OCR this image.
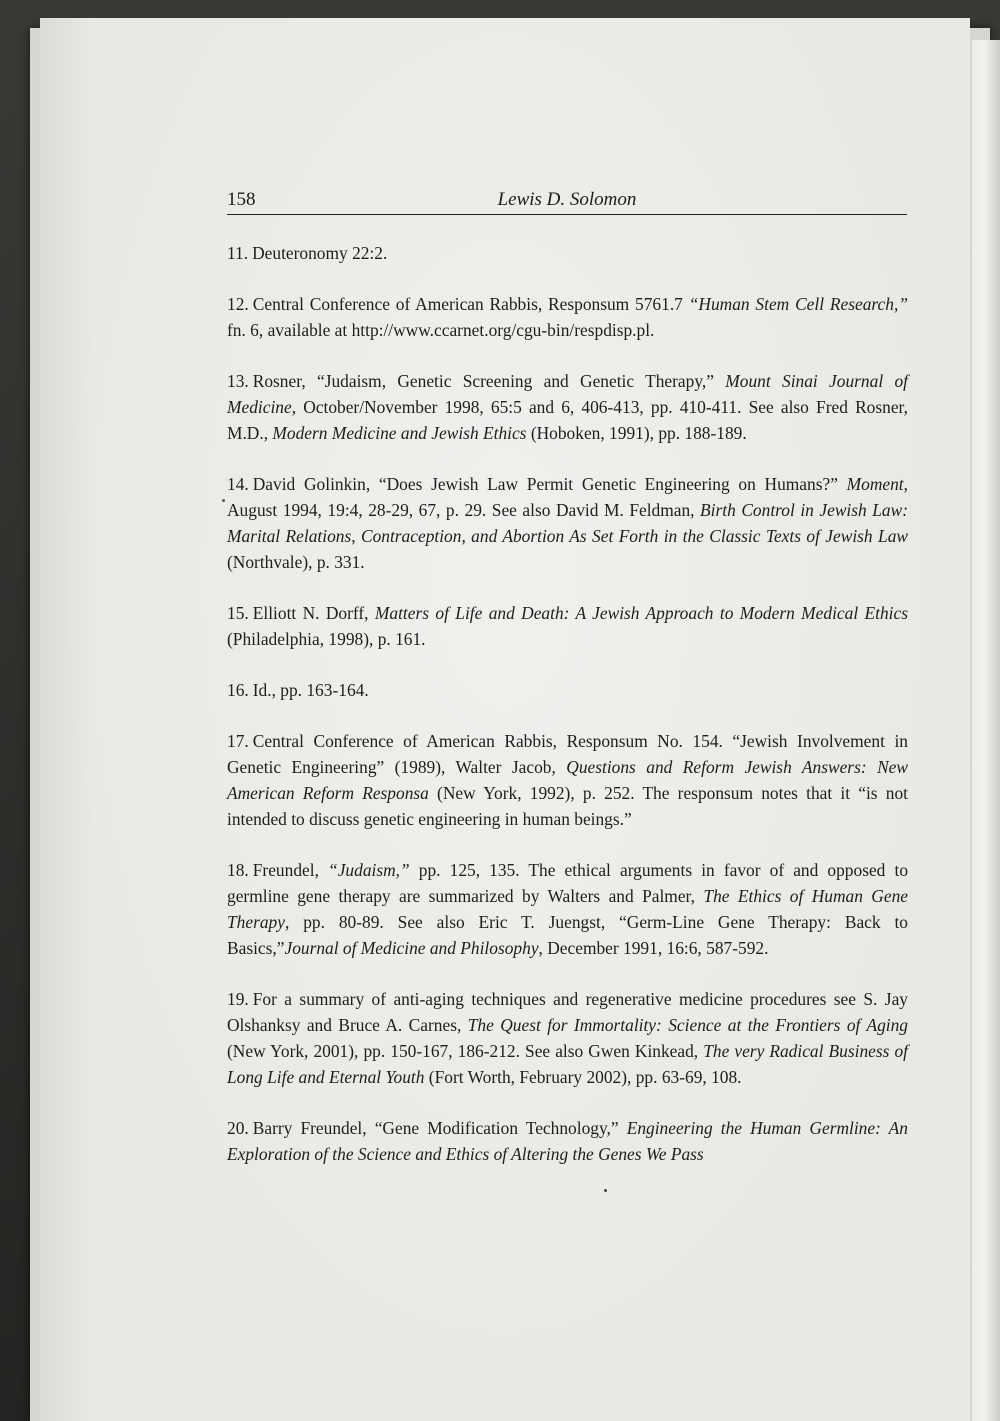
158	Lewis D. Solomon

11. Deuteronomy 22:2.

12. Central Conference of American Rabbis, Responsum 5761.7 “Human Stem Cell Research,” fn. 6, available at http://www.ccarnet.org/cgu-bin/respdisp.pl.

13. Rosner, “Judaism, Genetic Screening and Genetic Therapy,” Mount Sinai Journal of Medicine, October/November 1998, 65:5 and 6, 406-413, pp. 410-411. See also Fred Rosner, M.D., Modern Medicine and Jewish Ethics (Hoboken, 1991), pp. 188-189.

14. David Golinkin, “Does Jewish Law Permit Genetic Engineering on Humans?” Moment, August 1994, 19:4, 28-29, 67, p. 29. See also David M. Feldman, Birth Control in Jewish Law: Marital Relations, Contraception, and Abortion As Set Forth in the Classic Texts of Jewish Law (Northvale), p. 331.

15. Elliott N. Dorff, Matters of Life and Death: A Jewish Approach to Modern Medical Ethics (Philadelphia, 1998), p. 161.

16. Id., pp. 163-164.

17. Central Conference of American Rabbis, Responsum No. 154. “Jewish Involvement in Genetic Engineering” (1989), Walter Jacob, Questions and Reform Jewish Answers: New American Reform Responsa (New York, 1992), p. 252. The responsum notes that it “is not intended to discuss genetic engineering in human beings.”

18. Freundel, “Judaism,” pp. 125, 135. The ethical arguments in favor of and opposed to germline gene therapy are summarized by Walters and Palmer, The Ethics of Human Gene Therapy, pp. 80-89. See also Eric T. Juengst, “Germ-Line Gene Therapy: Back to Basics,”Journal of Medicine and Philosophy, December 1991, 16:6, 587-592.

19. For a summary of anti-aging techniques and regenerative medicine procedures see S. Jay Olshanksy and Bruce A. Carnes, The Quest for Immortality: Science at the Frontiers of Aging (New York, 2001), pp. 150-167, 186-212. See also Gwen Kinkead, The very Radical Business of Long Life and Eternal Youth (Fort Worth, February 2002), pp. 63-69, 108.

20. Barry Freundel, “Gene Modification Technology,” Engineering the Human Germline: An Exploration of the Science and Ethics of Altering the Genes We Pass
